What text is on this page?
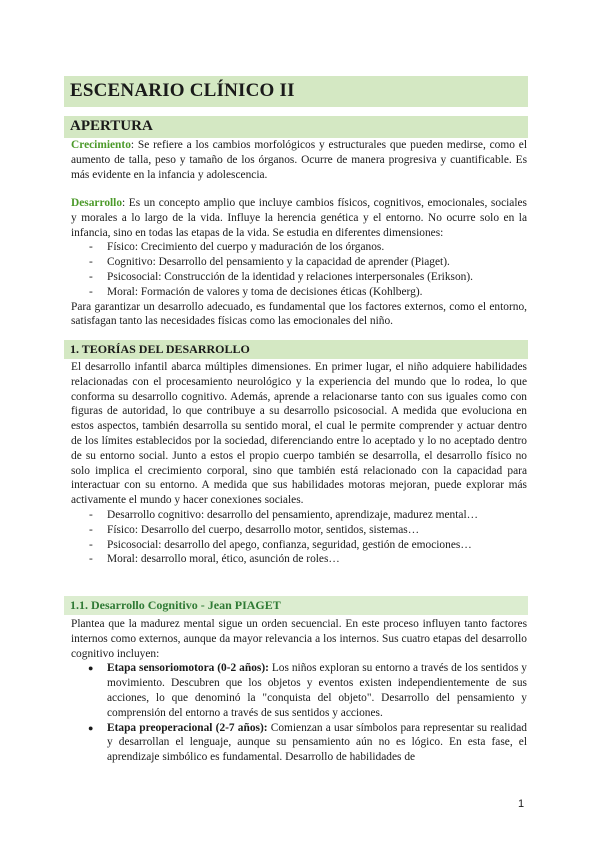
ESCENARIO CLÍNICO II
APERTURA
Crecimiento: Se refiere a los cambios morfológicos y estructurales que pueden medirse, como el aumento de talla, peso y tamaño de los órganos. Ocurre de manera progresiva y cuantificable. Es más evidente en la infancia y adolescencia.
Desarrollo: Es un concepto amplio que incluye cambios físicos, cognitivos, emocionales, sociales y morales a lo largo de la vida. Influye la herencia genética y el entorno. No ocurre solo en la infancia, sino en todas las etapas de la vida. Se estudia en diferentes dimensiones:
- Físico: Crecimiento del cuerpo y maduración de los órganos.
- Cognitivo: Desarrollo del pensamiento y la capacidad de aprender (Piaget).
- Psicosocial: Construcción de la identidad y relaciones interpersonales (Erikson).
- Moral: Formación de valores y toma de decisiones éticas (Kohlberg).
Para garantizar un desarrollo adecuado, es fundamental que los factores externos, como el entorno, satisfagan tanto las necesidades físicas como las emocionales del niño.
1. TEORÍAS DEL DESARROLLO
El desarrollo infantil abarca múltiples dimensiones. En primer lugar, el niño adquiere habilidades relacionadas con el procesamiento neurológico y la experiencia del mundo que lo rodea, lo que conforma su desarrollo cognitivo. Además, aprende a relacionarse tanto con sus iguales como con figuras de autoridad, lo que contribuye a su desarrollo psicosocial. A medida que evoluciona en estos aspectos, también desarrolla su sentido moral, el cual le permite comprender y actuar dentro de los límites establecidos por la sociedad, diferenciando entre lo aceptado y lo no aceptado dentro de su entorno social. Junto a estos el propio cuerpo también se desarrolla, el desarrollo físico no solo implica el crecimiento corporal, sino que también está relacionado con la capacidad para interactuar con su entorno. A medida que sus habilidades motoras mejoran, puede explorar más activamente el mundo y hacer conexiones sociales.
- Desarrollo cognitivo: desarrollo del pensamiento, aprendizaje, madurez mental…
- Físico: Desarrollo del cuerpo, desarrollo motor, sentidos, sistemas…
- Psicosocial: desarrollo del apego, confianza, seguridad, gestión de emociones…
- Moral: desarrollo moral, ético, asunción de roles…
1.1. Desarrollo Cognitivo - Jean PIAGET
Plantea que la madurez mental sigue un orden secuencial. En este proceso influyen tanto factores internos como externos, aunque da mayor relevancia a los internos. Sus cuatro etapas del desarrollo cognitivo incluyen:
● Etapa sensoriomotora (0-2 años): Los niños exploran su entorno a través de los sentidos y movimiento. Descubren que los objetos y eventos existen independientemente de sus acciones, lo que denominó la "conquista del objeto". Desarrollo del pensamiento y comprensión del entorno a través de sus sentidos y acciones.
● Etapa preoperacional (2-7 años): Comienzan a usar símbolos para representar su realidad y desarrollan el lenguaje, aunque su pensamiento aún no es lógico. En esta fase, el aprendizaje simbólico es fundamental. Desarrollo de habilidades de
1
